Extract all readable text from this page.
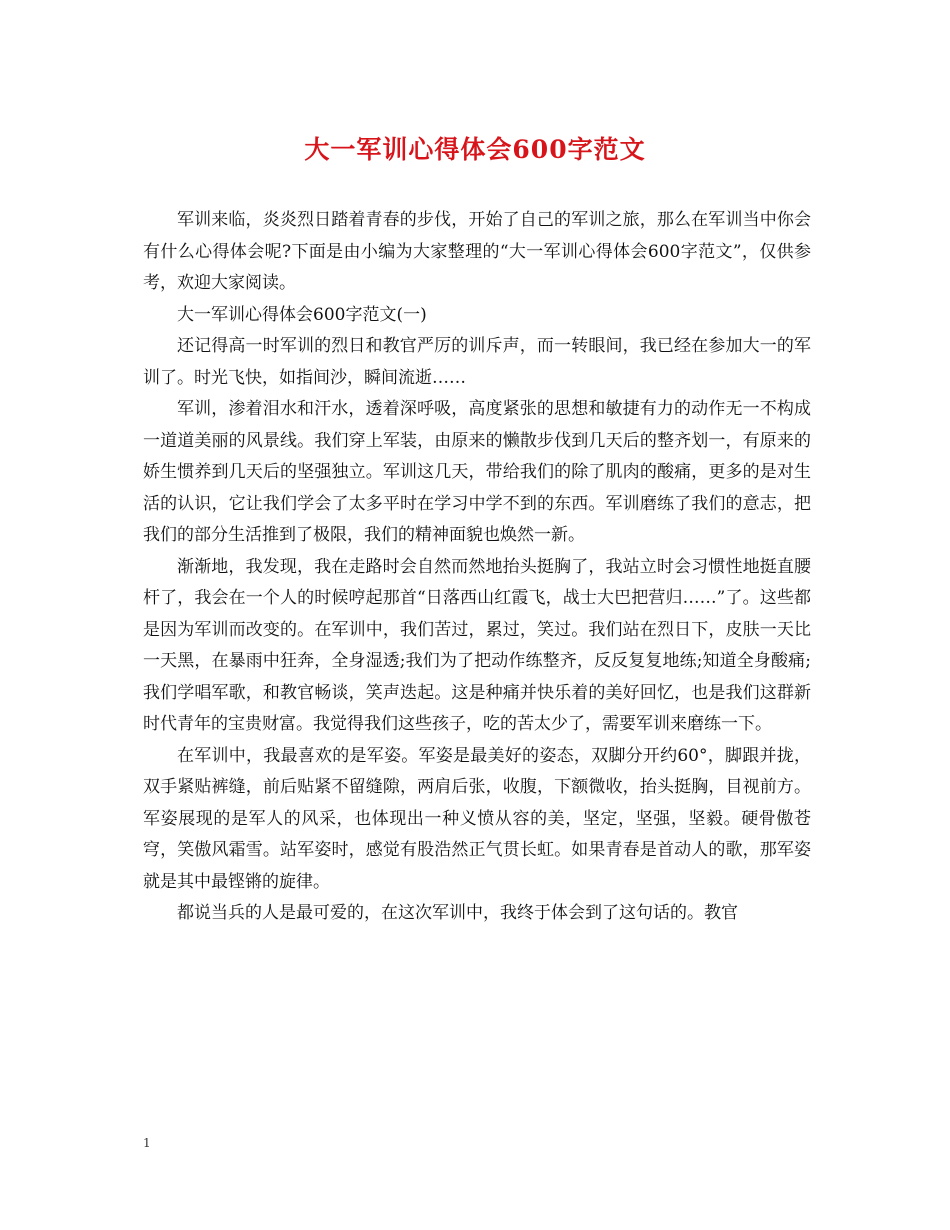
大一军训心得体会600字范文

军训来临，炎炎烈日踏着青春的步伐，开始了自己的军训之旅，那么在军训当中你会有什么心得体会呢?下面是由小编为大家整理的“大一军训心得体会600字范文”，仅供参考，欢迎大家阅读。

大一军训心得体会600字范文(一)

还记得高一时军训的烈日和教官严厉的训斥声，而一转眼间，我已经在参加大一的军训了。时光飞快，如指间沙，瞬间流逝……

军训，渗着泪水和汗水，透着深呼吸，高度紧张的思想和敏捷有力的动作无一不构成一道道美丽的风景线。我们穿上军装，由原来的懒散步伐到几天后的整齐划一，有原来的娇生惯养到几天后的坚强独立。军训这几天，带给我们的除了肌肉的酸痛，更多的是对生活的认识，它让我们学会了太多平时在学习中学不到的东西。军训磨练了我们的意志，把我们的部分生活推到了极限，我们的精神面貌也焕然一新。

渐渐地，我发现，我在走路时会自然而然地抬头挺胸了，我站立时会习惯性地挺直腰杆了，我会在一个人的时候哼起那首“日落西山红霞飞，战士大巴把营归……”了。这些都是因为军训而改变的。在军训中，我们苦过，累过，笑过。我们站在烈日下，皮肤一天比一天黑，在暴雨中狂奔，全身湿透;我们为了把动作练整齐，反反复复地练;知道全身酸痛;我们学唱军歌，和教官畅谈，笑声迭起。这是种痛并快乐着的美好回忆，也是我们这群新时代青年的宝贵财富。我觉得我们这些孩子，吃的苦太少了，需要军训来磨练一下。

在军训中，我最喜欢的是军姿。军姿是最美好的姿态，双脚分开约60°，脚跟并拢，双手紧贴裤缝，前后贴紧不留缝隙，两肩后张，收腹，下额微收，抬头挺胸，目视前方。军姿展现的是军人的风采，也体现出一种义愤从容的美，坚定，坚强，坚毅。硬骨傲苍穹，笑傲风霜雪。站军姿时，感觉有股浩然正气贯长虹。如果青春是首动人的歌，那军姿就是其中最铿锵的旋律。

都说当兵的人是最可爱的，在这次军训中，我终于体会到了这句话的。教官

1
